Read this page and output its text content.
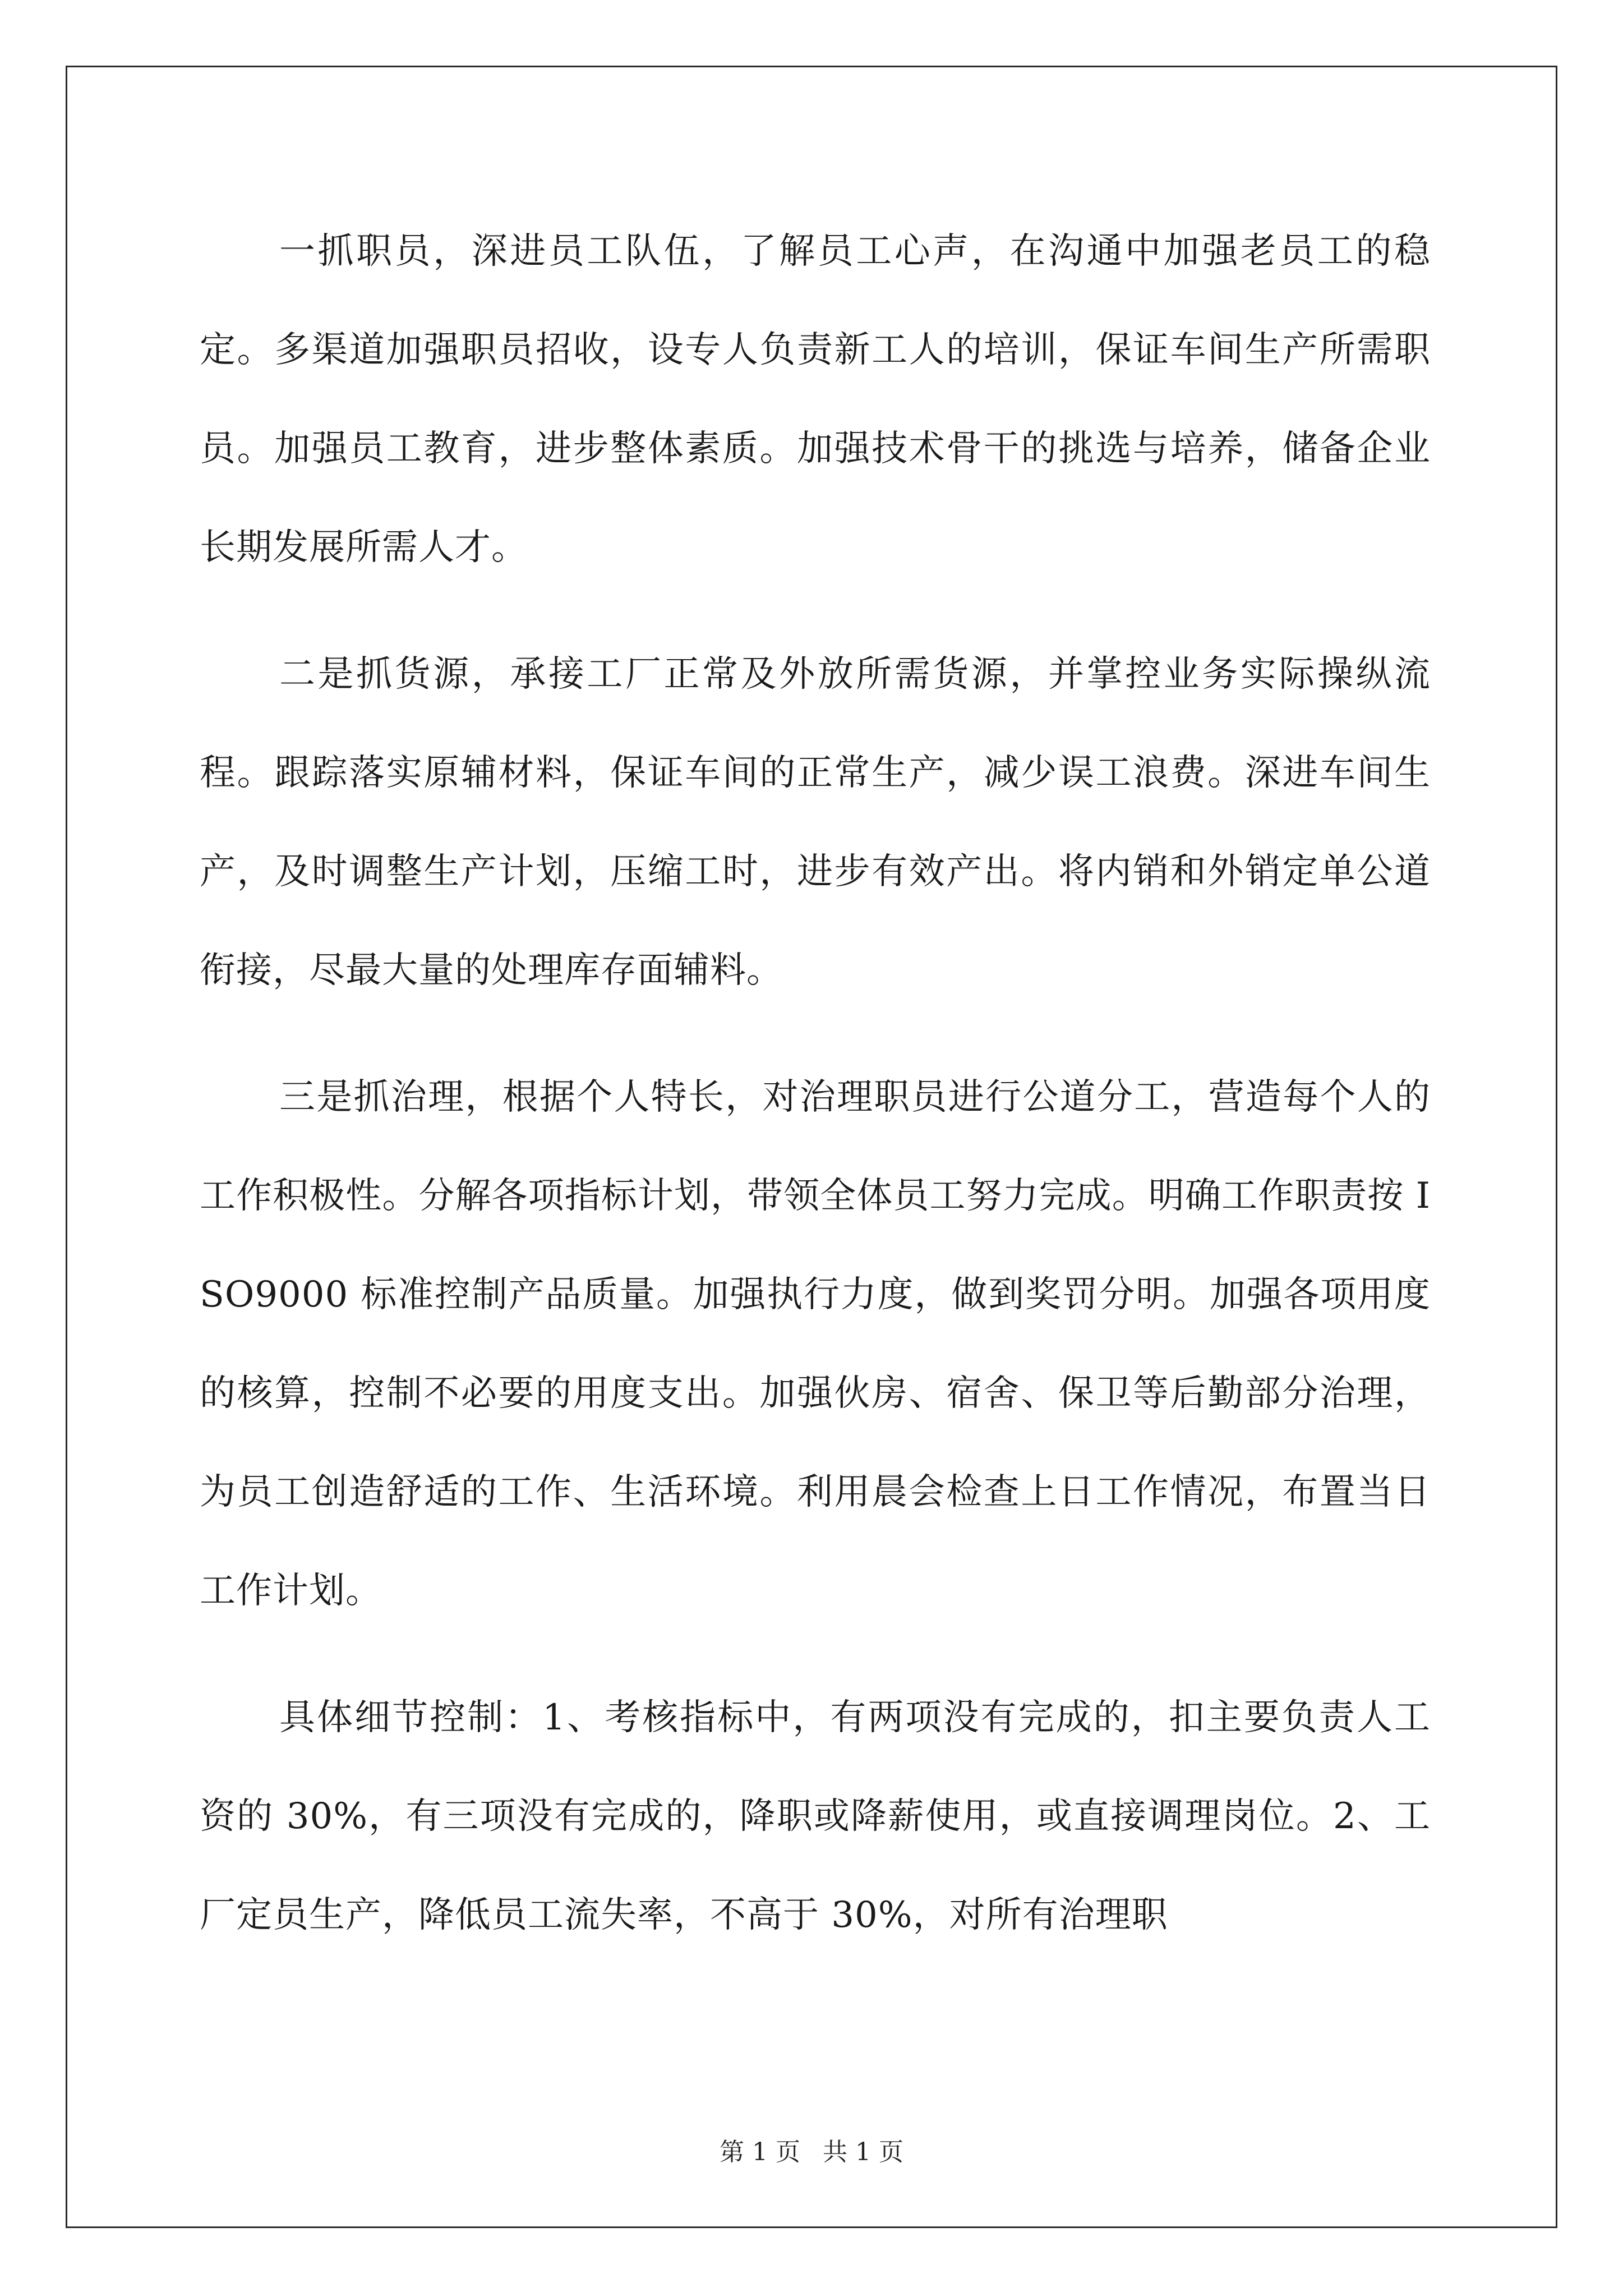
一抓职员，深进员工队伍，了解员工心声，在沟通中加强老员工的稳定。多渠道加强职员招收，设专人负责新工人的培训，保证车间生产所需职员。加强员工教育，进步整体素质。加强技术骨干的挑选与培养，储备企业长期发展所需人才。

二是抓货源，承接工厂正常及外放所需货源，并掌控业务实际操纵流程。跟踪落实原辅材料，保证车间的正常生产，减少误工浪费。深进车间生产，及时调整生产计划，压缩工时，进步有效产出。将内销和外销定单公道衔接，尽最大量的处理库存面辅料。

三是抓治理，根据个人特长，对治理职员进行公道分工，营造每个人的工作积极性。分解各项指标计划，带领全体员工努力完成。明确工作职责按 ISO9000 标准控制产品质量。加强执行力度，做到奖罚分明。加强各项用度的核算，控制不必要的用度支出。加强伙房、宿舍、保卫等后勤部分治理，为员工创造舒适的工作、生活环境。利用晨会检查上日工作情况，布置当日工作计划。

具体细节控制：1、考核指标中，有两项没有完成的，扣主要负责人工资的 30%，有三项没有完成的，降职或降薪使用，或直接调理岗位。2、工厂定员生产，降低员工流失率，不高于 30%，对所有治理职

第 1 页 共 1 页
